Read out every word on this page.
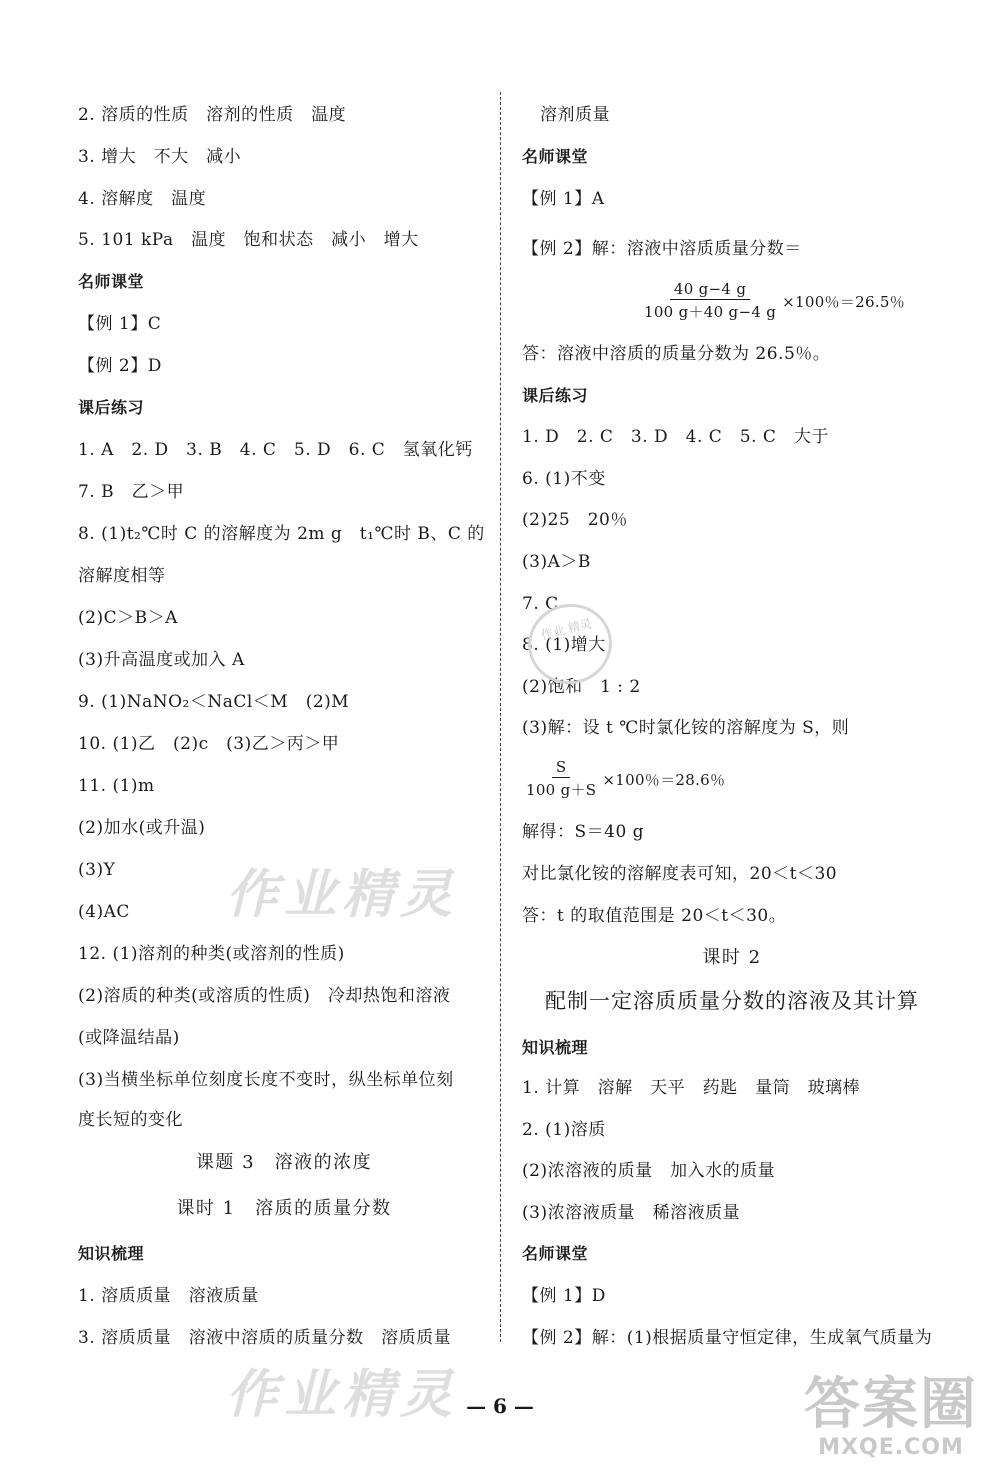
2. 溶质的性质　溶剂的性质　温度
3. 增大　不大　减小
4. 溶解度　温度
5. 101 kPa　温度　饱和状态　减小　增大
名师课堂
【例 1】C
【例 2】D
课后练习
1. A　2. D　3. B　4. C　5. D　6. C　氢氧化钙
7. B　乙＞甲
8. (1)t₂℃时 C 的溶解度为 2m g　t₁℃时 B、C 的
溶解度相等
(2)C＞B＞A
(3)升高温度或加入 A
9. (1)NaNO₂＜NaCl＜M　(2)M
10. (1)乙　(2)c　(3)乙＞丙＞甲
11. (1)m
(2)加水(或升温)
(3)Y
(4)AC
12. (1)溶剂的种类(或溶剂的性质)
(2)溶质的种类(或溶质的性质)　冷却热饱和溶液
(或降温结晶)
(3)当横坐标单位刻度长度不变时，纵坐标单位刻
度长短的变化
课题 3　溶液的浓度
课时 1　溶质的质量分数
知识梳理
1. 溶质质量　溶液质量
3. 溶质质量　溶液中溶质的质量分数　溶质质量
溶剂质量
名师课堂
【例 1】A
【例 2】解：溶液中溶质质量分数＝
$\frac{40 g-4 g}{100 g+40 g-4 g} \times 100$％＝26.5％
答：溶液中溶质的质量分数为 26.5％。
课后练习
1. D　2. C　3. D　4. C　5. C　大于
6. (1)不变
(2)25　20％
(3)A＞B
7. C
8. (1)增大
(2)饱和　1 : 2
(3)解：设 t ℃时氯化铵的溶解度为 S，则
$\frac{S}{100 g+S} \times 100$％＝28.6％
解得：S＝40 g
对比氯化铵的溶解度表可知，20＜t＜30
答：t 的取值范围是 20＜t＜30。
课时 2
配制一定溶质质量分数的溶液及其计算
知识梳理
1. 计算　溶解　天平　药匙　量筒　玻璃棒
2. (1)溶质
(2)浓溶液的质量　加入水的质量
(3)浓溶液质量　稀溶液质量
名师课堂
【例 1】D
【例 2】解：(1)根据质量守恒定律，生成氧气质量为
作业精灵
作业精灵
作业 精灵
— 6 —	答案圈
MXQE.COM
